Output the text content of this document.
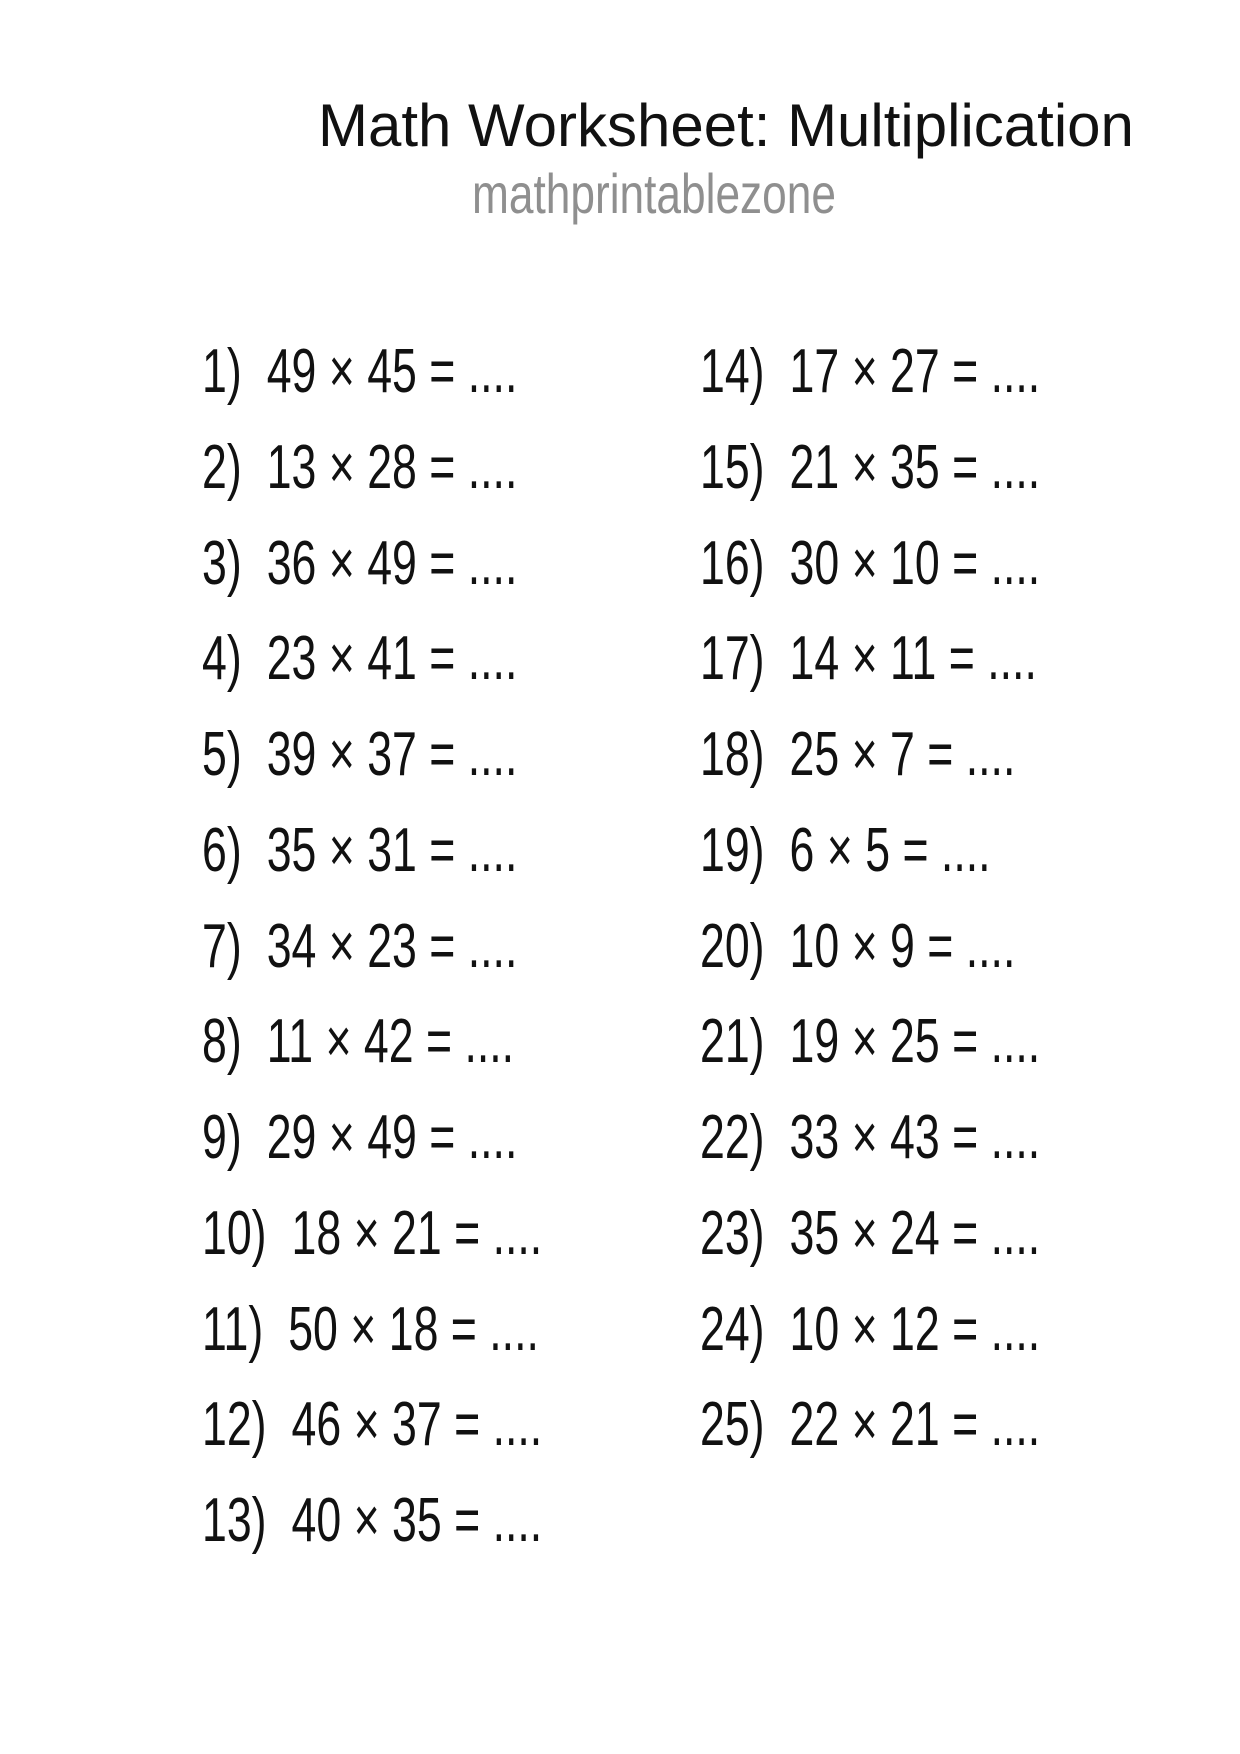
Math Worksheet: Multiplication
mathprintablezone
1) 49 × 45 = ....
2) 13 × 28 = ....
3) 36 × 49 = ....
4) 23 × 41 = ....
5) 39 × 37 = ....
6) 35 × 31 = ....
7) 34 × 23 = ....
8) 11 × 42 = ....
9) 29 × 49 = ....
10) 18 × 21 = ....
11) 50 × 18 = ....
12) 46 × 37 = ....
13) 40 × 35 = ....
14) 17 × 27 = ....
15) 21 × 35 = ....
16) 30 × 10 = ....
17) 14 × 11 = ....
18) 25 × 7 = ....
19) 6 × 5 = ....
20) 10 × 9 = ....
21) 19 × 25 = ....
22) 33 × 43 = ....
23) 35 × 24 = ....
24) 10 × 12 = ....
25) 22 × 21 = ....
